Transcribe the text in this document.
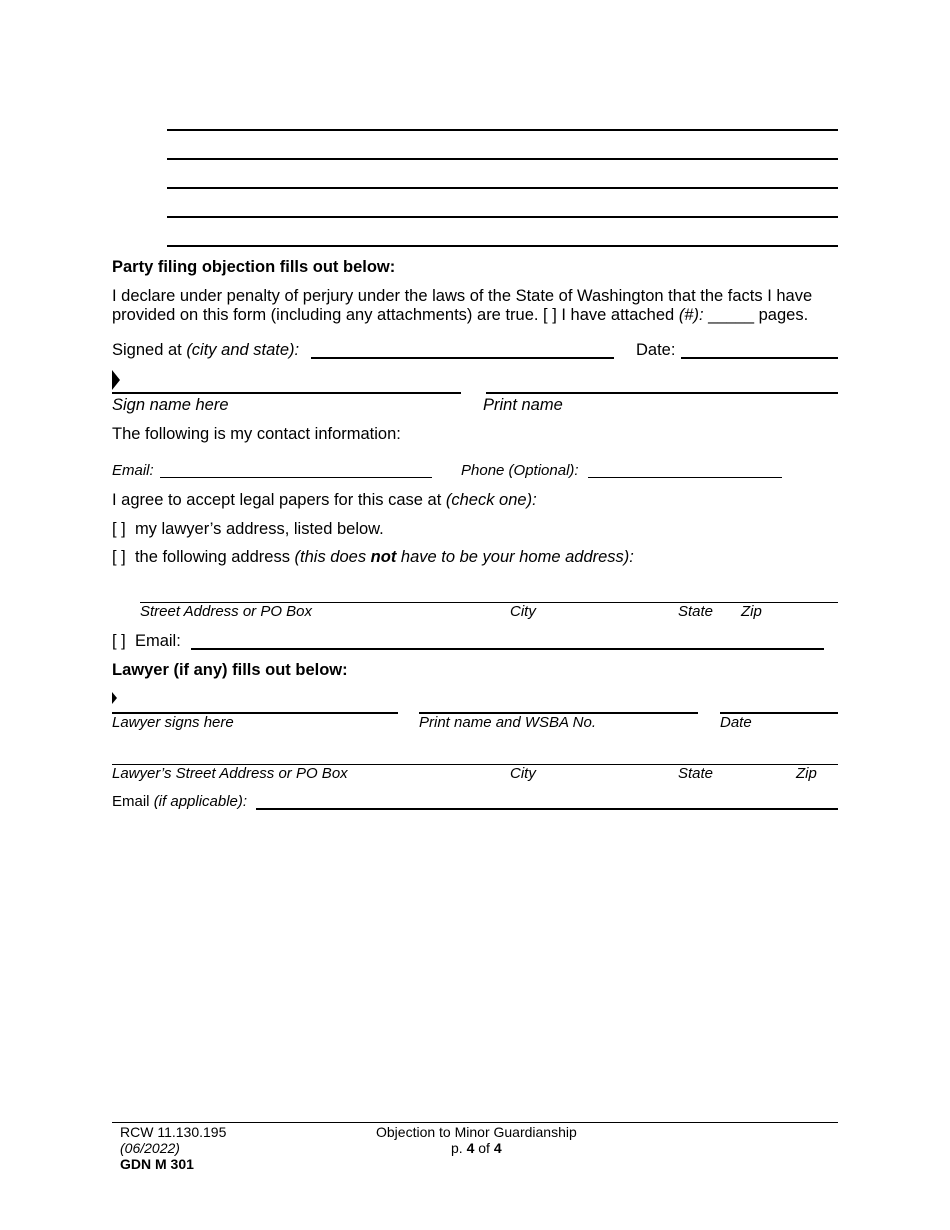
Party filing objection fills out below:
I declare under penalty of perjury under the laws of the State of Washington that the facts I have
provided on this form (including any attachments) are true. [ ] I have attached (#): _____ pages.
Signed at (city and state):	Date:
Sign name here	Print name
The following is my contact information:
Email:	Phone (Optional):
I agree to accept legal papers for this case at (check one):
[ ] my lawyer’s address, listed below.
[ ] the following address (this does not have to be your home address):
Street Address or PO Box	City	State Zip
[ ] Email:
Lawyer (if any) fills out below:
Lawyer signs here	Print name and WSBA No.	Date
Lawyer’s Street Address or PO Box	City	State	Zip
Email (if applicable):
RCW 11.130.195
(06/2022)
GDN M 301
Objection to Minor Guardianship
p. 4 of 4
